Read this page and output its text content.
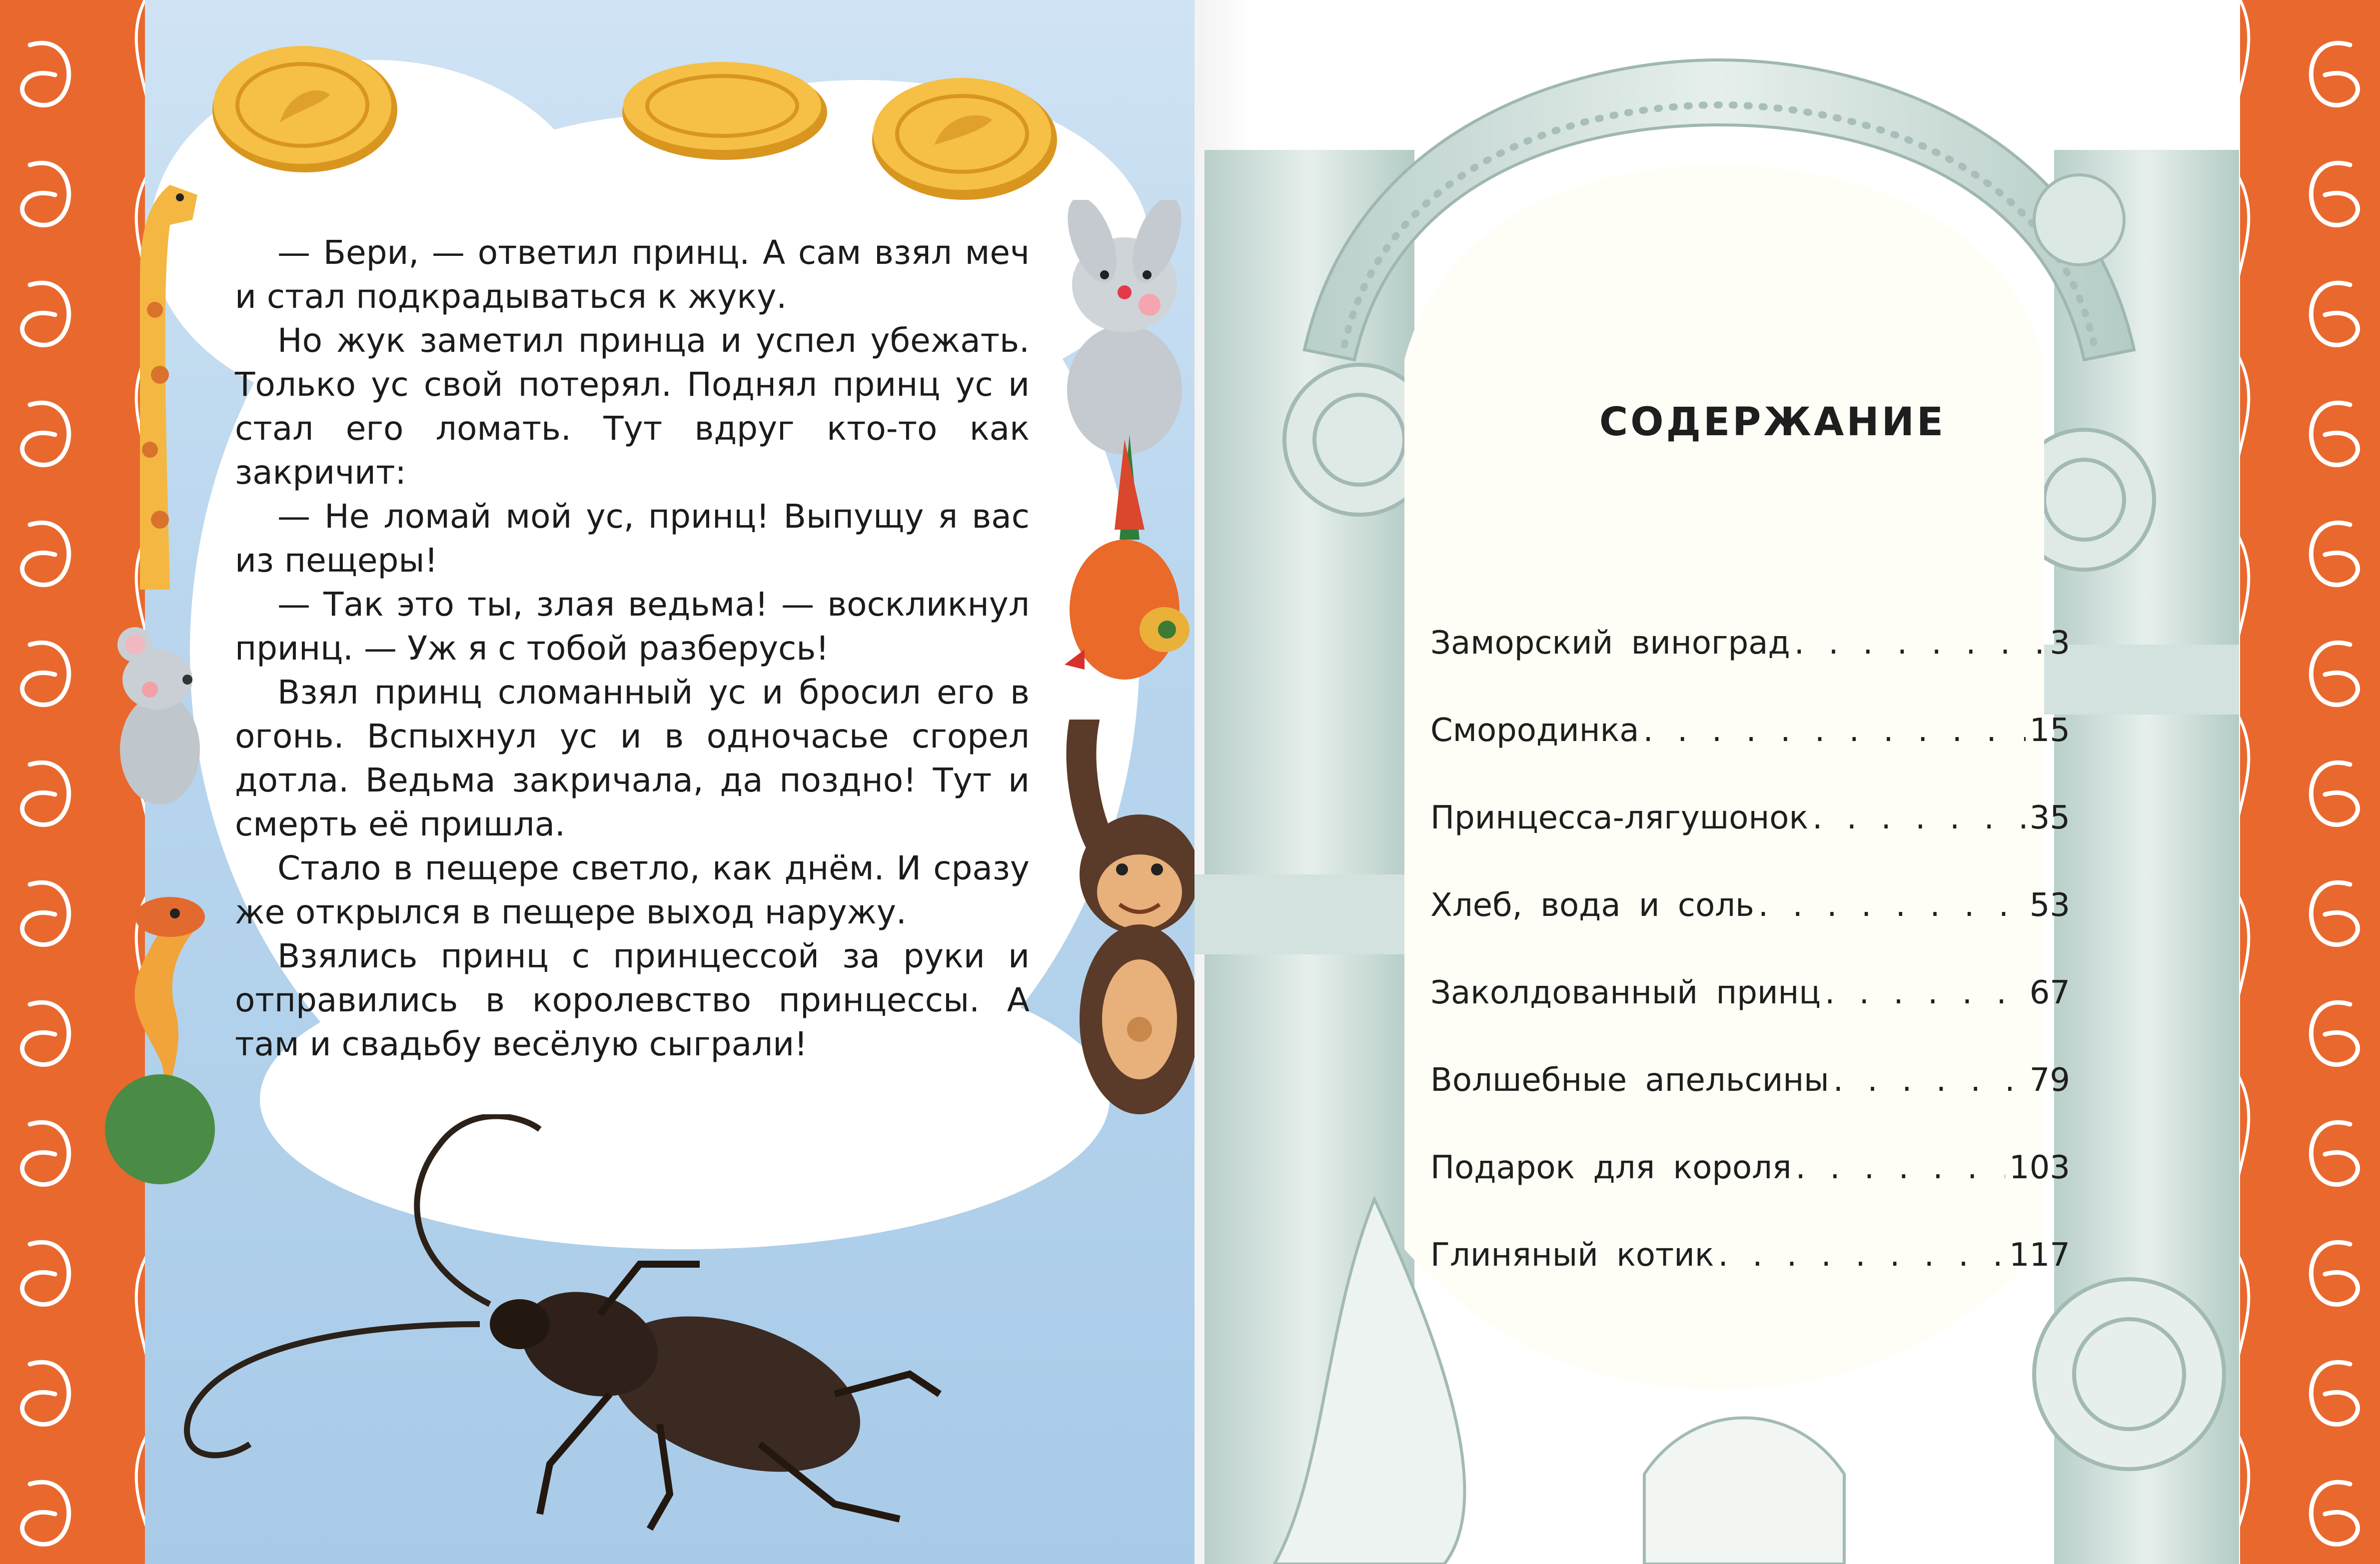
— Бери, — ответил принц. А сам взял меч и стал подкрадываться к жуку.

Но жук заметил принца и успел убежать. Только ус свой потерял. Поднял принц ус и стал его ломать. Тут вдруг кто-то как закричит:

— Не ломай мой ус, принц! Выпущу я вас из пещеры!

— Так это ты, злая ведьма! — воскликнул принц. — Уж я с тобой разберусь!

Взял принц сломанный ус и бросил его в огонь. Вспыхнул ус и в одночасье сгорел дотла. Ведьма закричала, да поздно! Тут и смерть её пришла.

Стало в пещере светло, как днём. И сразу же открылся в пещере выход наружу.

Взялись принц с принцессой за руки и отправились в королевство принцессы. А там и свадьбу весёлую сыграли!

СОДЕРЖАНИЕ
Заморский виноград . . .	3
Смородинка . . .	15
Принцесса-лягушонок . . .	35
Хлеб, вода и соль . . .	53
Заколдованный принц . . .	67
Волшебные апельсины . . .	79
Подарок для короля . . .	103
Глиняный котик . . .	117
